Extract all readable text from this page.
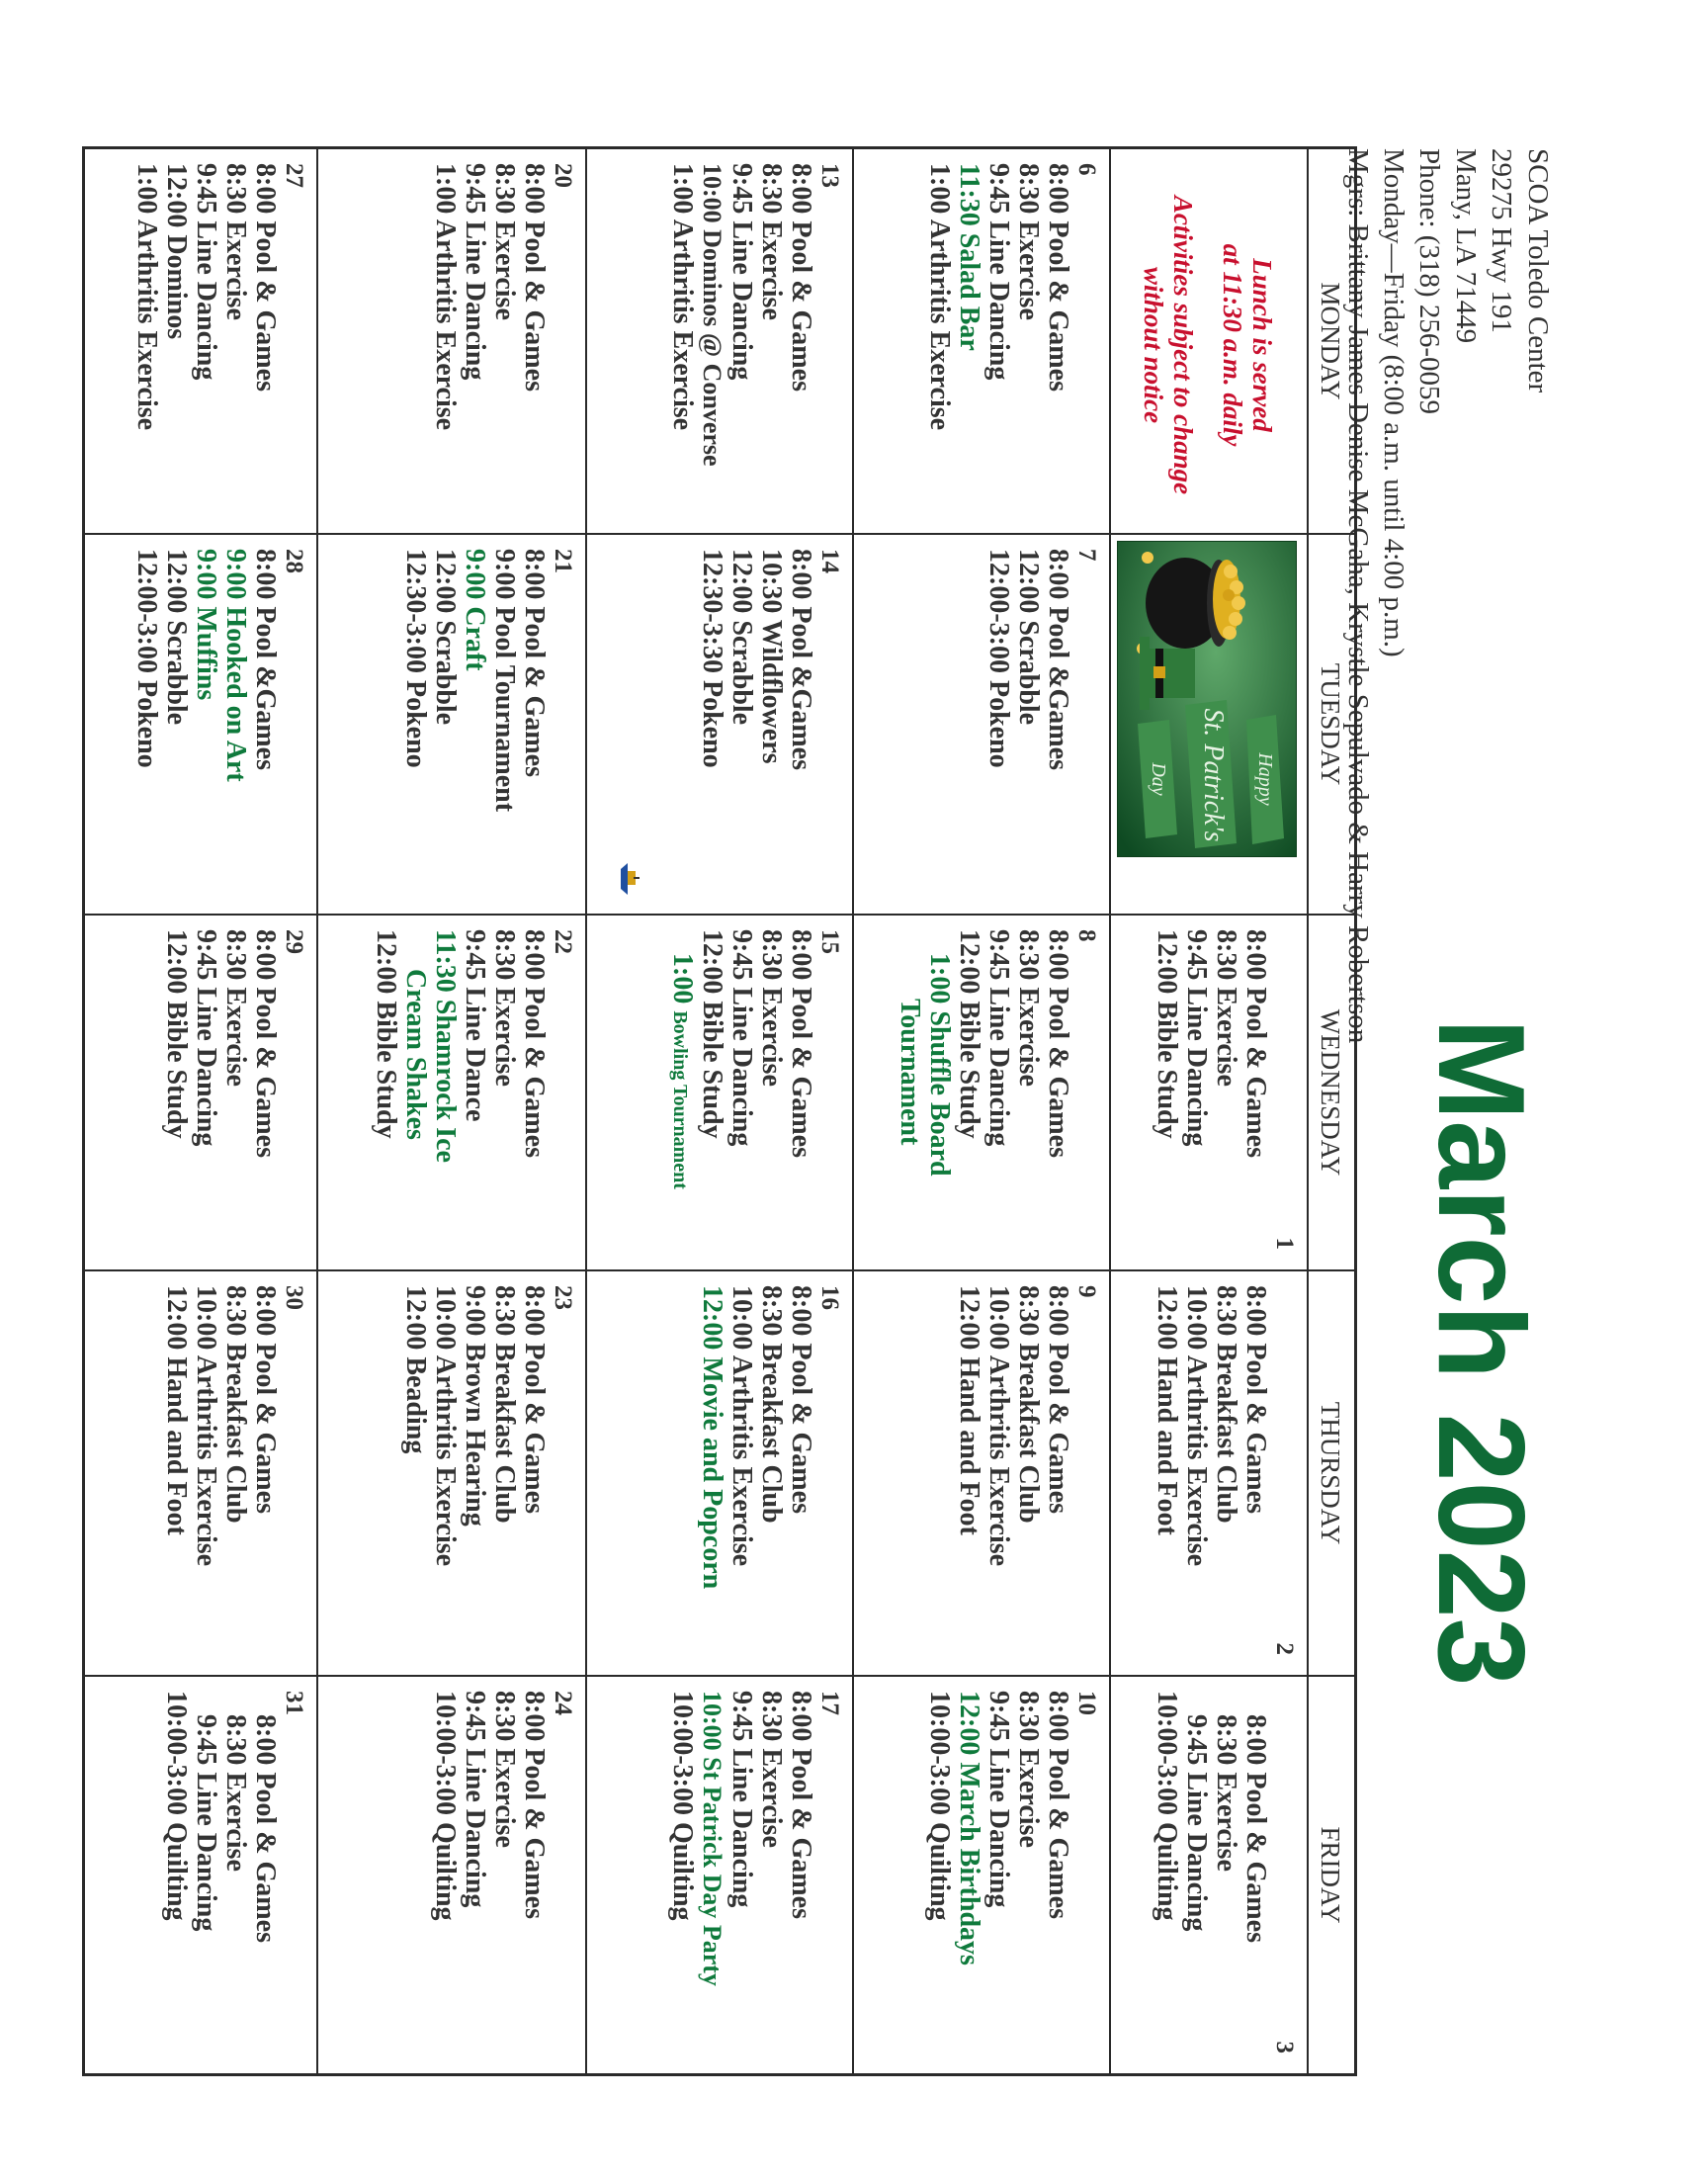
SCOA Toledo Center
29275 Hwy 191
Many, LA 71449
Phone: (318) 256-0059
Monday—Friday (8:00 a.m. until 4:00 p.m.)
Mgrs: Brittany James Denise McGaha, Krystle Sepulvado & Harry Robertson
March 2023
MONDAY
TUESDAY
WEDNESDAY
THURSDAY
FRIDAY
Lunch is served
at 11:30 a.m. daily
Activities subject to change
without notice
Happy
St. Patrick's
Day
1
8:00 Pool & Games
8:30 Exercise
9:45 Line Dancing
12:00 Bible Study
2
8:00 Pool & Games
8:30 Breakfast Club
10:00 Arthritis Exercise
12:00 Hand and Foot
3
8:00 Pool & Games
8:30 Exercise
9:45 Line Dancing
10:00-3:00 Quilting
6
8:00 Pool & Games
8:30 Exercise
9:45 Line Dancing
11:30 Salad Bar
1:00 Arthritis Exercise
7
8:00 Pool &Games
12:00 Scrabble
12:00-3:00 Pokeno
8
8:00 Pool & Games
8:30 Exercise
9:45 Line Dancing
12:00 Bible Study
1:00 Shuffle Board
Tournament
9
8:00 Pool & Games
8:30 Breakfast Club
10:00 Arthritis Exercise
12:00 Hand and Foot
10
8:00 Pool & Games
8:30 Exercise
9:45 Line Dancing
12:00 March Birthdays
10:00-3:00 Quilting
13
8:00 Pool & Games
8:30 Exercise
9:45 Line Dancing
10:00 Dominos @ Converse
1:00 Arthritis Exercise
14
8:00 Pool &Games
10:30 Wildflowers
12:00 Scrabble
12:30-3:30 Pokeno
15
8:00 Pool & Games
8:30 Exercise
9:45 Line Dancing
12:00 Bible Study
1:00 Bowling Tournament
16
8:00 Pool & Games
8:30 Breakfast Club
10:00 Arthritis Exercise
12:00 Movie and Popcorn
17
8:00 Pool & Games
8:30 Exercise
9:45 Line Dancing
10:00 St Patrick Day Party
10:00-3:00 Quilting
20
8:00 Pool & Games
8:30 Exercise
9:45 Line Dancing
1:00 Arthritis Exercise
21
8:00 Pool & Games
9:00 Pool Tournament
9:00 Craft
12:00 Scrabble
12:30-3:00 Pokeno
22
8:00 Pool & Games
8:30 Exercise
9:45 Line Dance
11:30 Shamrock Ice
Cream Shakes
12:00 Bible Study
23
8:00 Pool & Games
8:30 Breakfast Club
9:00 Brown Hearing
10:00 Arthritis Exercise
12:00 Beading
24
8:00 Pool & Games
8:30 Exercise
9:45 Line Dancing
10:00-3:00 Quilting
27
8:00 Pool & Games
8:30 Exercise
9:45 Line Dancing
12:00 Dominos
1:00 Arthritis Exercise
28
8:00 Pool &Games
9:00 Hooked on Art
9:00 Muffins
12:00 Scrabble
12:00-3:00 Pokeno
29
8:00 Pool & Games
8:30 Exercise
9:45 Line Dancing
12:00 Bible Study
30
8:00 Pool & Games
8:30 Breakfast Club
10:00 Arthritis Exercise
12:00 Hand and Foot
31
8:00 Pool & Games
8:30 Exercise
9:45 Line Dancing
10:00-3:00 Quilting
